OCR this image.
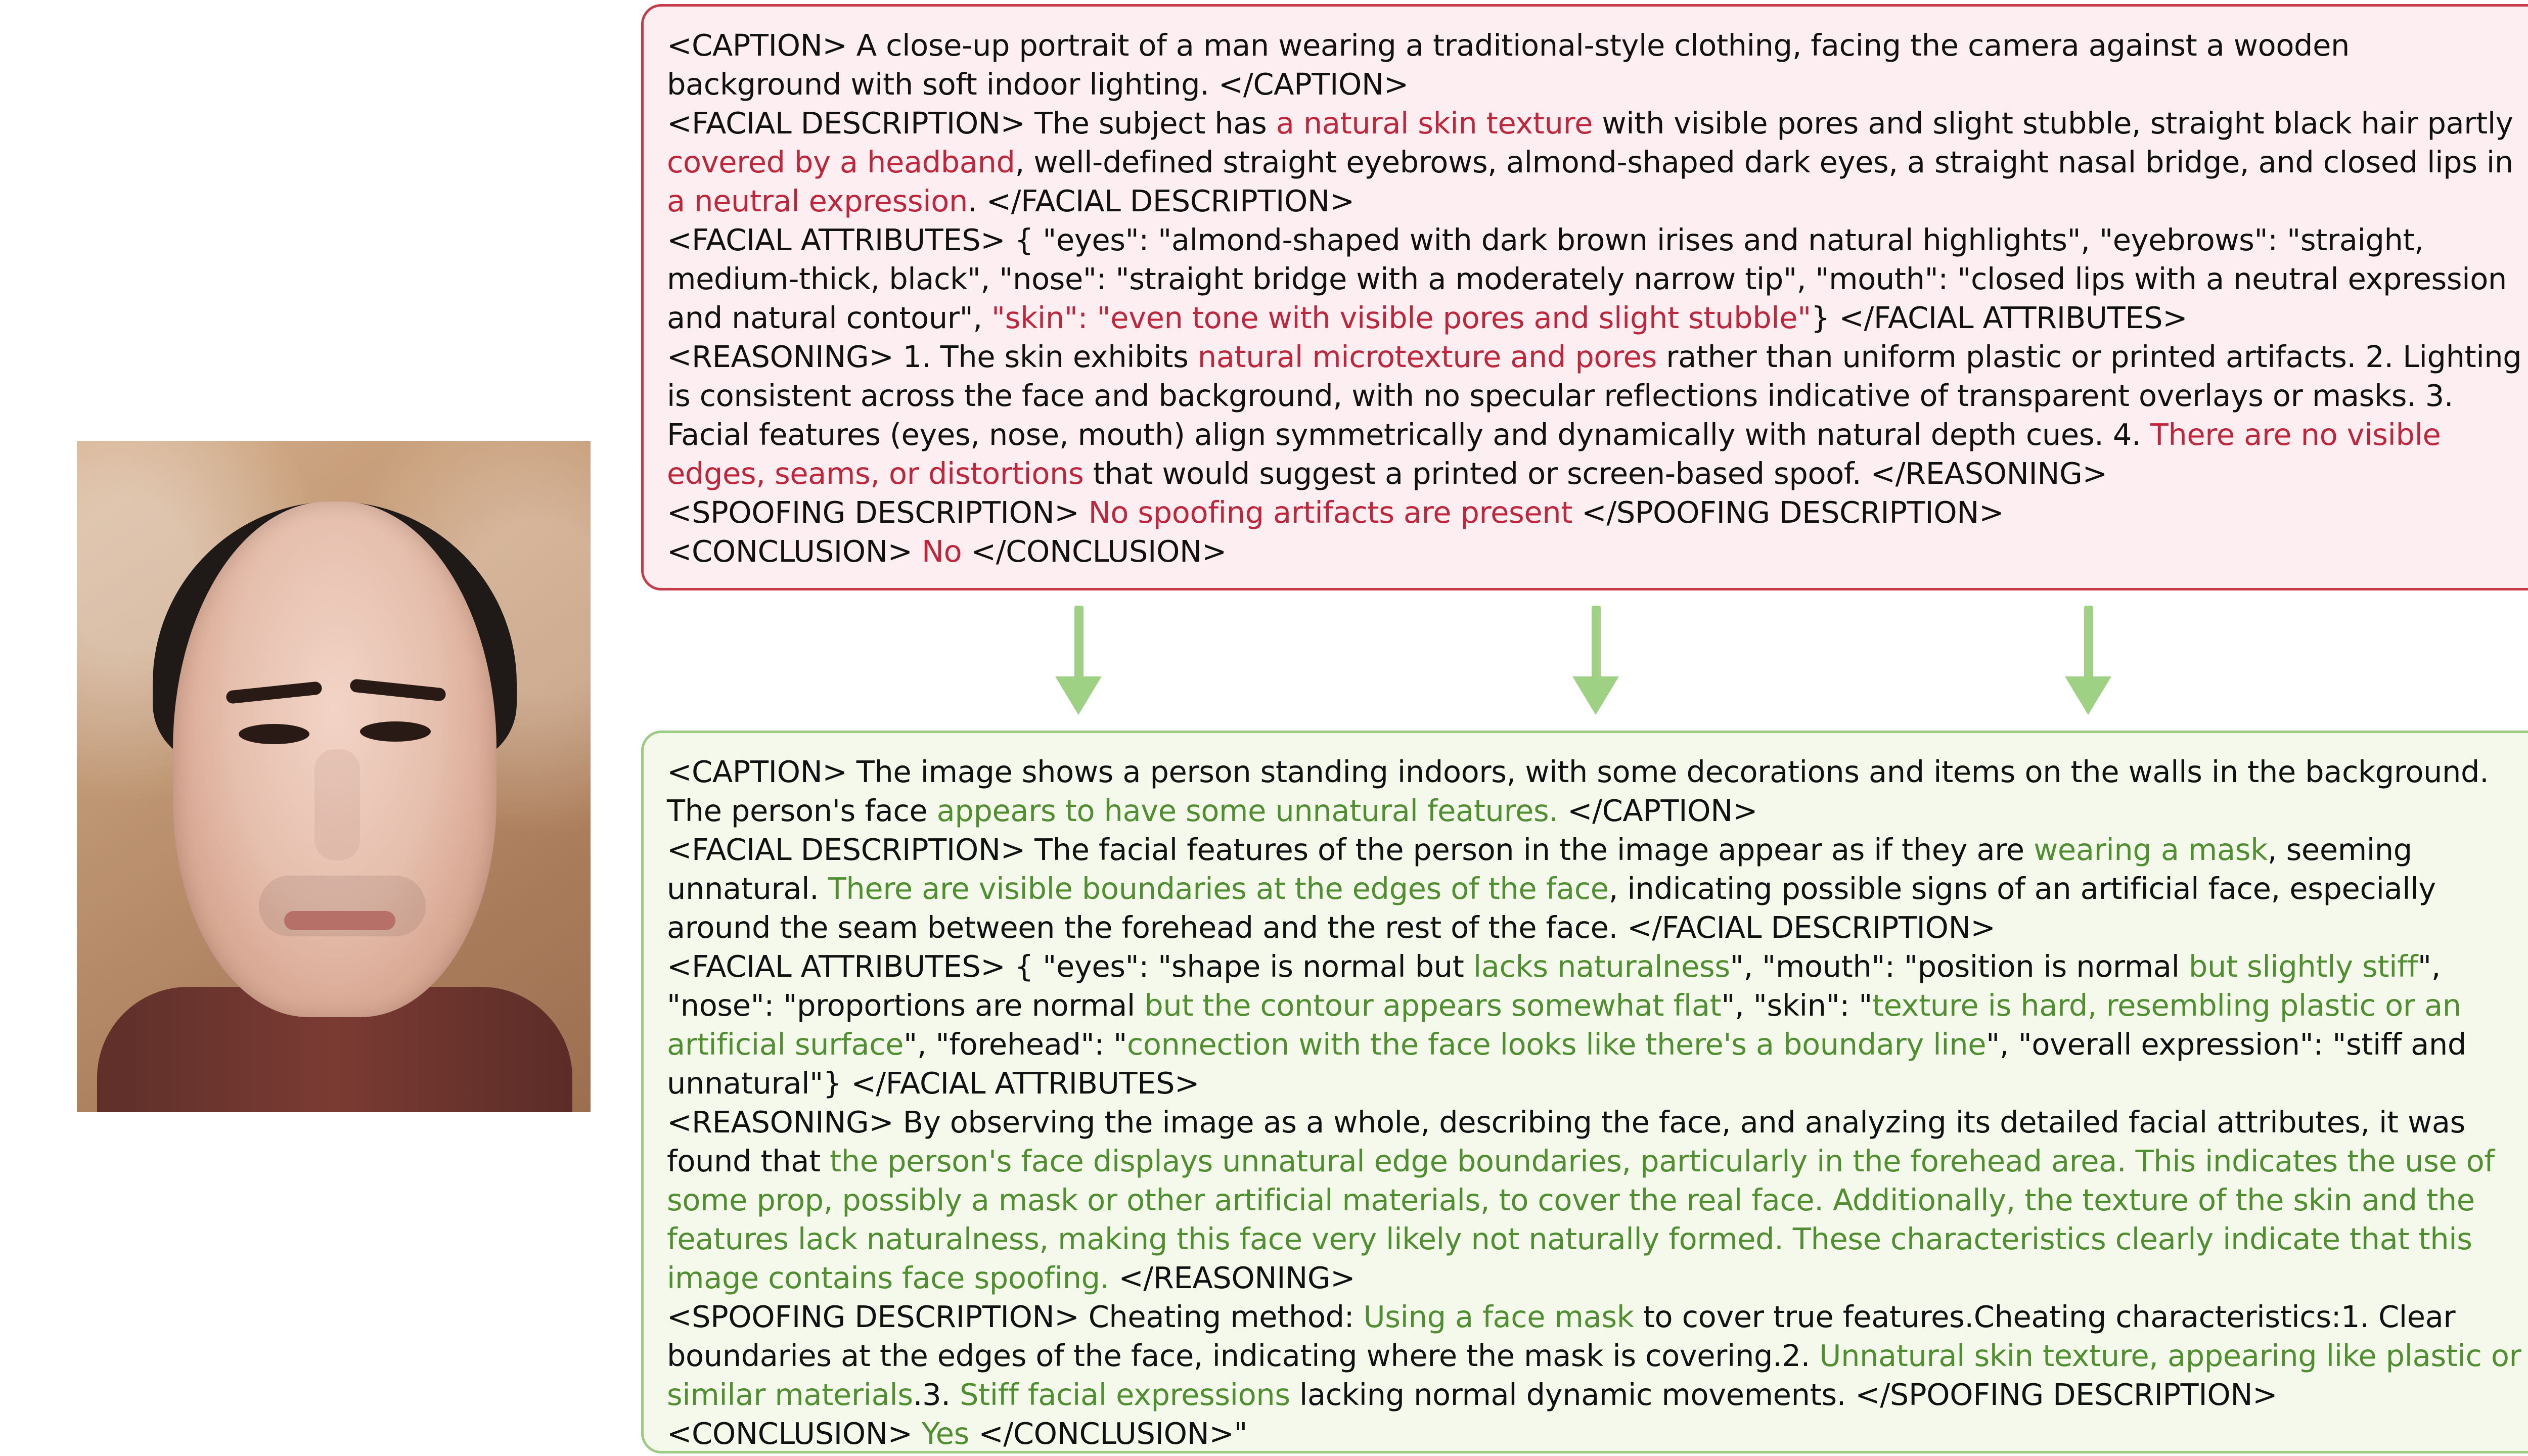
<CAPTION> A close-up portrait of a man wearing a traditional-style clothing, facing the camera against a wooden background with soft indoor lighting. </CAPTION>

<FACIAL DESCRIPTION> The subject has a natural skin texture with visible pores and slight stubble, straight black hair partly covered by a headband, well-defined straight eyebrows, almond-shaped dark eyes, a straight nasal bridge, and closed lips in a neutral expression. </FACIAL DESCRIPTION>

<FACIAL ATTRIBUTES> { "eyes": "almond-shaped with dark brown irises and natural highlights", "eyebrows": "straight, medium-thick, black", "nose": "straight bridge with a moderately narrow tip", "mouth": "closed lips with a neutral expression and natural contour", "skin": "even tone with visible pores and slight stubble"} </FACIAL ATTRIBUTES>

<REASONING> 1. The skin exhibits natural microtexture and pores rather than uniform plastic or printed artifacts. 2. Lighting is consistent across the face and background, with no specular reflections indicative of transparent overlays or masks. 3. Facial features (eyes, nose, mouth) align symmetrically and dynamically with natural depth cues. 4. There are no visible edges, seams, or distortions that would suggest a printed or screen-based spoof. </REASONING>

<SPOOFING DESCRIPTION> No spoofing artifacts are present </SPOOFING DESCRIPTION>

<CONCLUSION> No </CONCLUSION>

<CAPTION> The image shows a person standing indoors, with some decorations and items on the walls in the background. The person's face appears to have some unnatural features. </CAPTION>

<FACIAL DESCRIPTION> The facial features of the person in the image appear as if they are wearing a mask, seeming unnatural. There are visible boundaries at the edges of the face, indicating possible signs of an artificial face, especially around the seam between the forehead and the rest of the face. </FACIAL DESCRIPTION>

<FACIAL ATTRIBUTES> { "eyes": "shape is normal but lacks naturalness", "mouth": "position is normal but slightly stiff", "nose": "proportions are normal but the contour appears somewhat flat", "skin": "texture is hard, resembling plastic or an artificial surface", "forehead": "connection with the face looks like there's a boundary line", "overall expression": "stiff and unnatural"} </FACIAL ATTRIBUTES>

<REASONING> By observing the image as a whole, describing the face, and analyzing its detailed facial attributes, it was found that the person's face displays unnatural edge boundaries, particularly in the forehead area. This indicates the use of some prop, possibly a mask or other artificial materials, to cover the real face. Additionally, the texture of the skin and the features lack naturalness, making this face very likely not naturally formed. These characteristics clearly indicate that this image contains face spoofing. </REASONING>

<SPOOFING DESCRIPTION> Cheating method: Using a face mask to cover true features.Cheating characteristics:1. Clear boundaries at the edges of the face, indicating where the mask is covering.2. Unnatural skin texture, appearing like plastic or similar materials.3. Stiff facial expressions lacking normal dynamic movements. </SPOOFING DESCRIPTION>

<CONCLUSION> Yes </CONCLUSION>"
